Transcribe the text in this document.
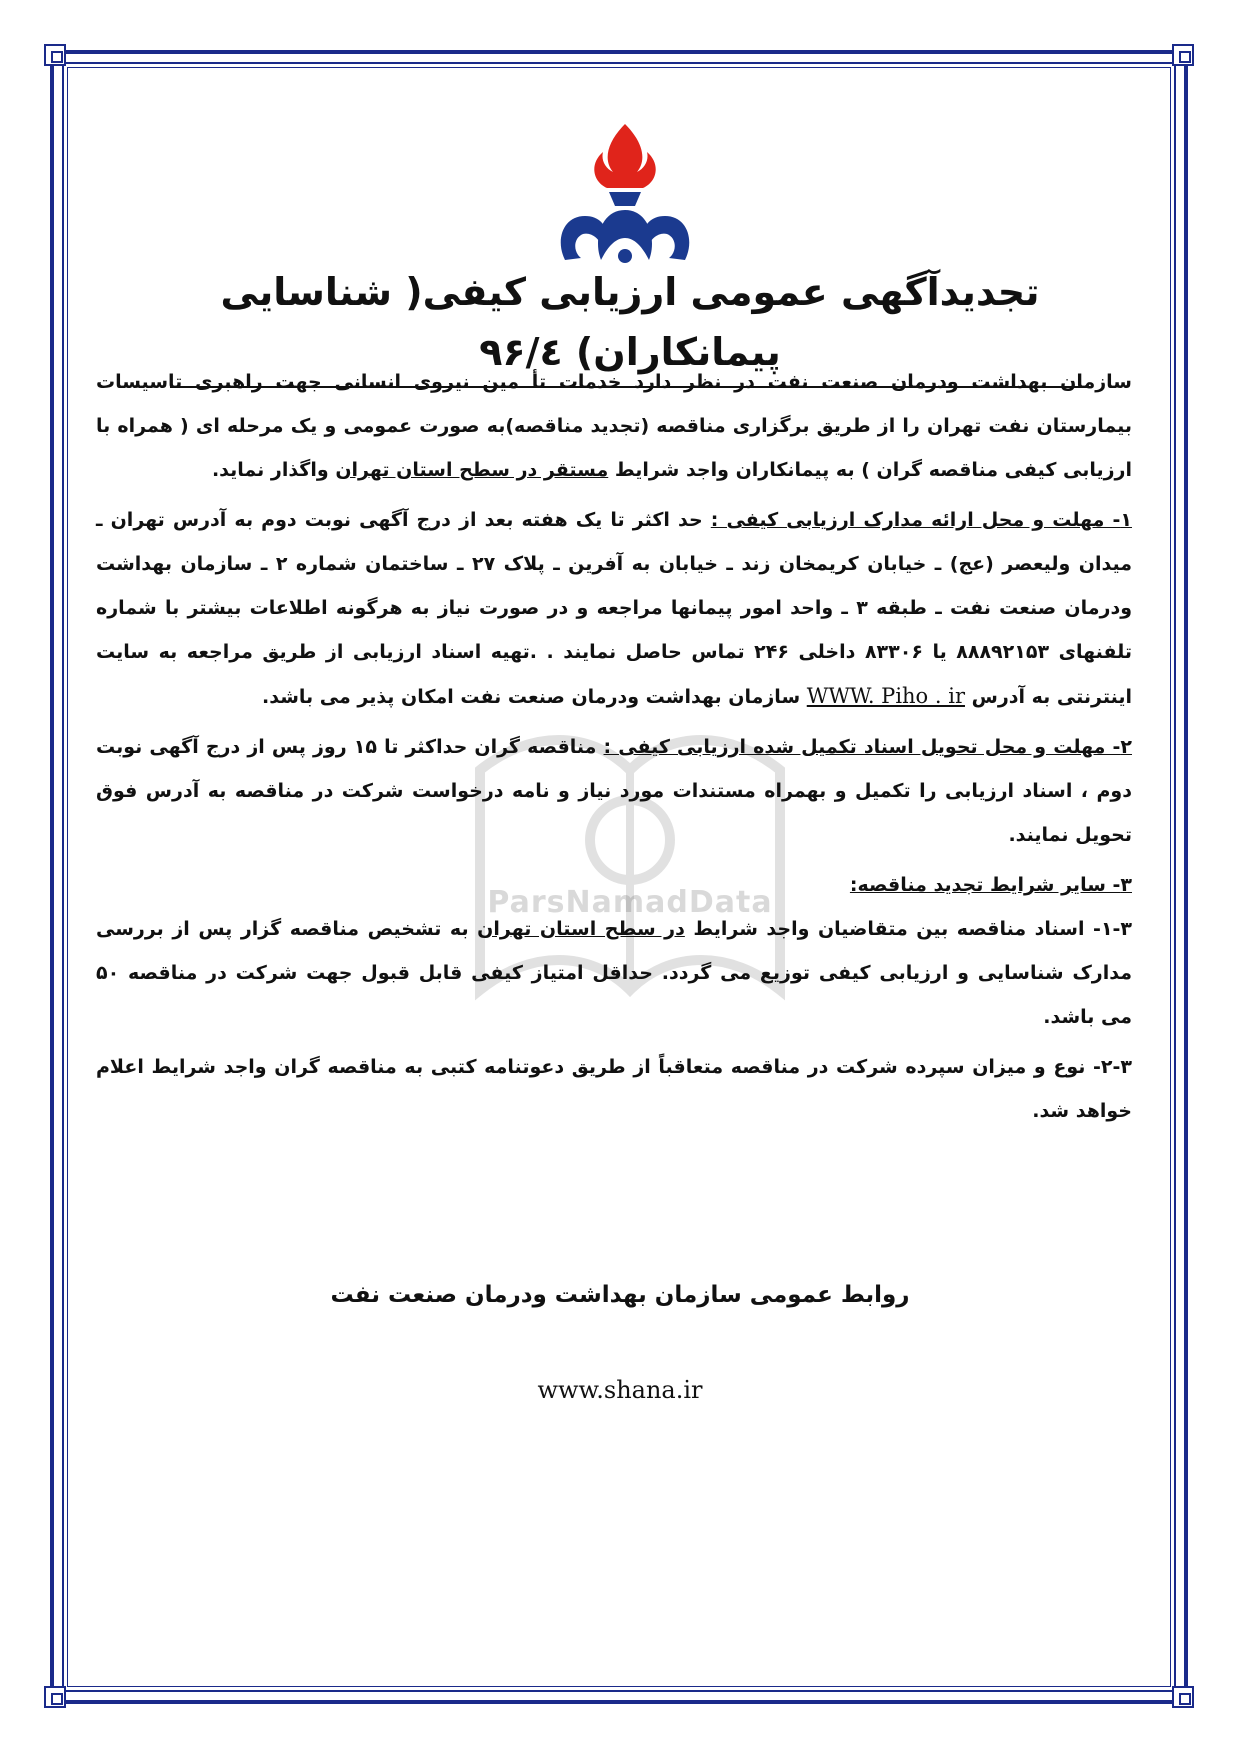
تجدیدآگهی عمومی ارزیابی کیفی( شناسایی پیمانکاران) ۹۶/٤
ParsNamadData

سازمان بهداشت ودرمان صنعت نفت در نظر دارد خدمات تأ مین نیروی انسانی جهت راهبری تاسیسات بیمارستان نفت تهران را از طریق برگزاری مناقصه (تجدید مناقصه)به صورت عمومی و یک مرحله ای ( همراه با ارزیابی کیفی مناقصه گران ) به پیمانکاران واجد شرایط مستقر در سطح استان تهران واگذار نماید.

۱- مهلت و محل ارائه مدارک ارزیابی کیفی : حد اکثر تا یک هفته بعد از درج آگهی نوبت دوم به آدرس تهران ـ میدان ولیعصر (عج) ـ خیابان کریمخان زند ـ خیابان به آفرین ـ پلاک ۲۷ ـ ساختمان شماره ۲ ـ سازمان بهداشت ودرمان صنعت نفت ـ طبقه ۳ ـ واحد امور پیمانها مراجعه و در صورت نیاز به هرگونه اطلاعات بیشتر با شماره تلفنهای ۸۸۸۹۲۱۵۳ یا ۸۳۳۰۶ داخلی ۲۴۶ تماس حاصل نمایند . .تهیه اسناد ارزیابی از طریق مراجعه به سایت اینترنتی به آدرس WWW. Piho . ir سازمان بهداشت ودرمان صنعت نفت امکان پذیر می باشد.

۲- مهلت و محل تحویل اسناد تکمیل شده ارزیابی کیفی : مناقصه گران حداکثر تا ۱۵ روز پس از درج آگهی نوبت دوم ، اسناد ارزیابی را تکمیل و بهمراه مستندات مورد نیاز و نامه درخواست شرکت در مناقصه به آدرس فوق تحویل نمایند.

۳- سایر شرایط تجدید مناقصه:

۱-۳- اسناد مناقصه بین متقاضیان واجد شرایط در سطح استان تهران به تشخیص مناقصه گزار پس از بررسی مدارک شناسایی و ارزیابی کیفی توزیع می گردد. حداقل امتیاز کیفی قابل قبول جهت شرکت در مناقصه ۵۰ می باشد.

۲-۳- نوع و میزان سپرده شرکت در مناقصه متعاقباً از طریق دعوتنامه کتبی به مناقصه گران واجد شرایط اعلام خواهد شد.

روابط عمومی سازمان بهداشت ودرمان صنعت نفت
www.shana.ir
